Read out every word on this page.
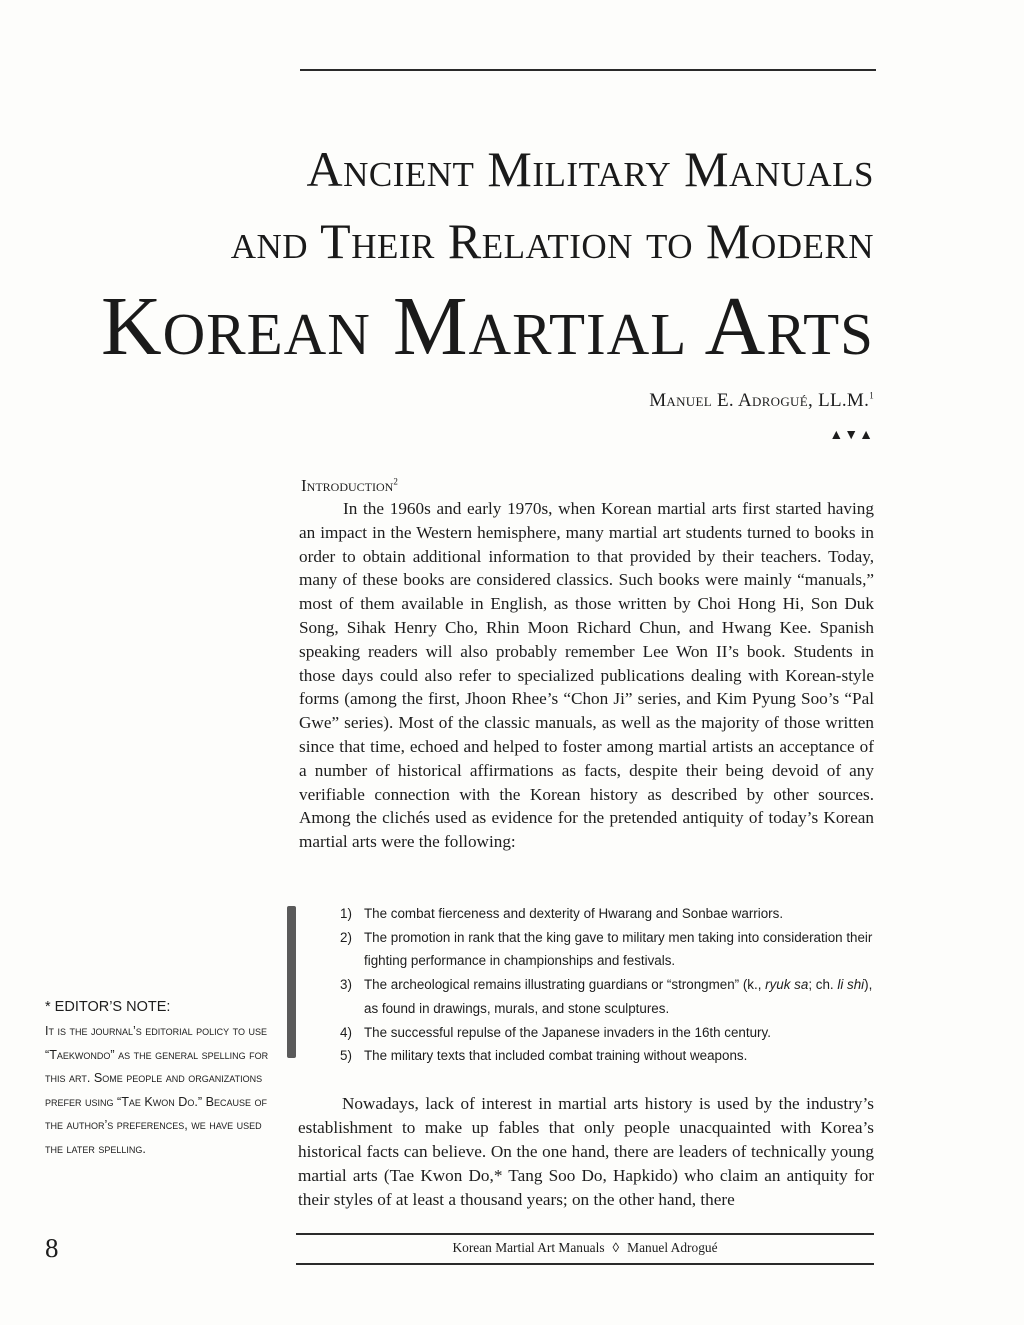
Ancient Military Manuals
and Their Relation to Modern
Korean Martial Arts
Manuel E. Adrogué, LL.M.$^1$
▲▼▲
Introduction$^2$

In the 1960s and early 1970s, when Korean martial arts first started having an impact in the Western hemisphere, many martial art students turned to books in order to obtain additional information to that provided by their teachers. Today, many of these books are considered classics. Such books were mainly “manuals,” most of them available in English, as those written by Choi Hong Hi, Son Duk Song, Sihak Henry Cho, Rhin Moon Richard Chun, and Hwang Kee. Spanish speaking readers will also probably remember Lee Won II’s book. Students in those days could also refer to specialized publications dealing with Korean-style forms (among the first, Jhoon Rhee’s “Chon Ji” series, and Kim Pyung Soo’s “Pal Gwe” series). Most of the classic manuals, as well as the majority of those written since that time, echoed and helped to foster among martial artists an acceptance of a number of historical affirmations as facts, despite their being devoid of any verifiable connection with the Korean history as described by other sources. Among the clichés used as evidence for the pretended antiquity of today’s Korean martial arts were the following:

1) The combat fierceness and dexterity of Hwarang and Sonbae warriors.
2) The promotion in rank that the king gave to military men taking into consideration their fighting performance in championships and festivals.
3) The archeological remains illustrating guardians or “strongmen” (k., ryuk sa; ch. li shi), as found in drawings, murals, and stone sculptures.
4) The successful repulse of the Japanese invaders in the 16th century.
5) The military texts that included combat training without weapons.

Nowadays, lack of interest in martial arts history is used by the industry’s establishment to make up fables that only people unacquainted with Korea’s historical facts can believe. On the one hand, there are leaders of technically young martial arts (Tae Kwon Do,* Tang Soo Do, Hapkido) who claim an antiquity for their styles of at least a thousand years; on the other hand, there

* EDITOR’S NOTE:

It is the journal’s editorial policy to use “Taekwondo” as the general spelling for this art. Some people and organizations prefer using “Tae Kwon Do.” Because of the author’s preferences, we have used the later spelling.

8	Korean Martial Art Manuals ◊ Manuel Adrogué
